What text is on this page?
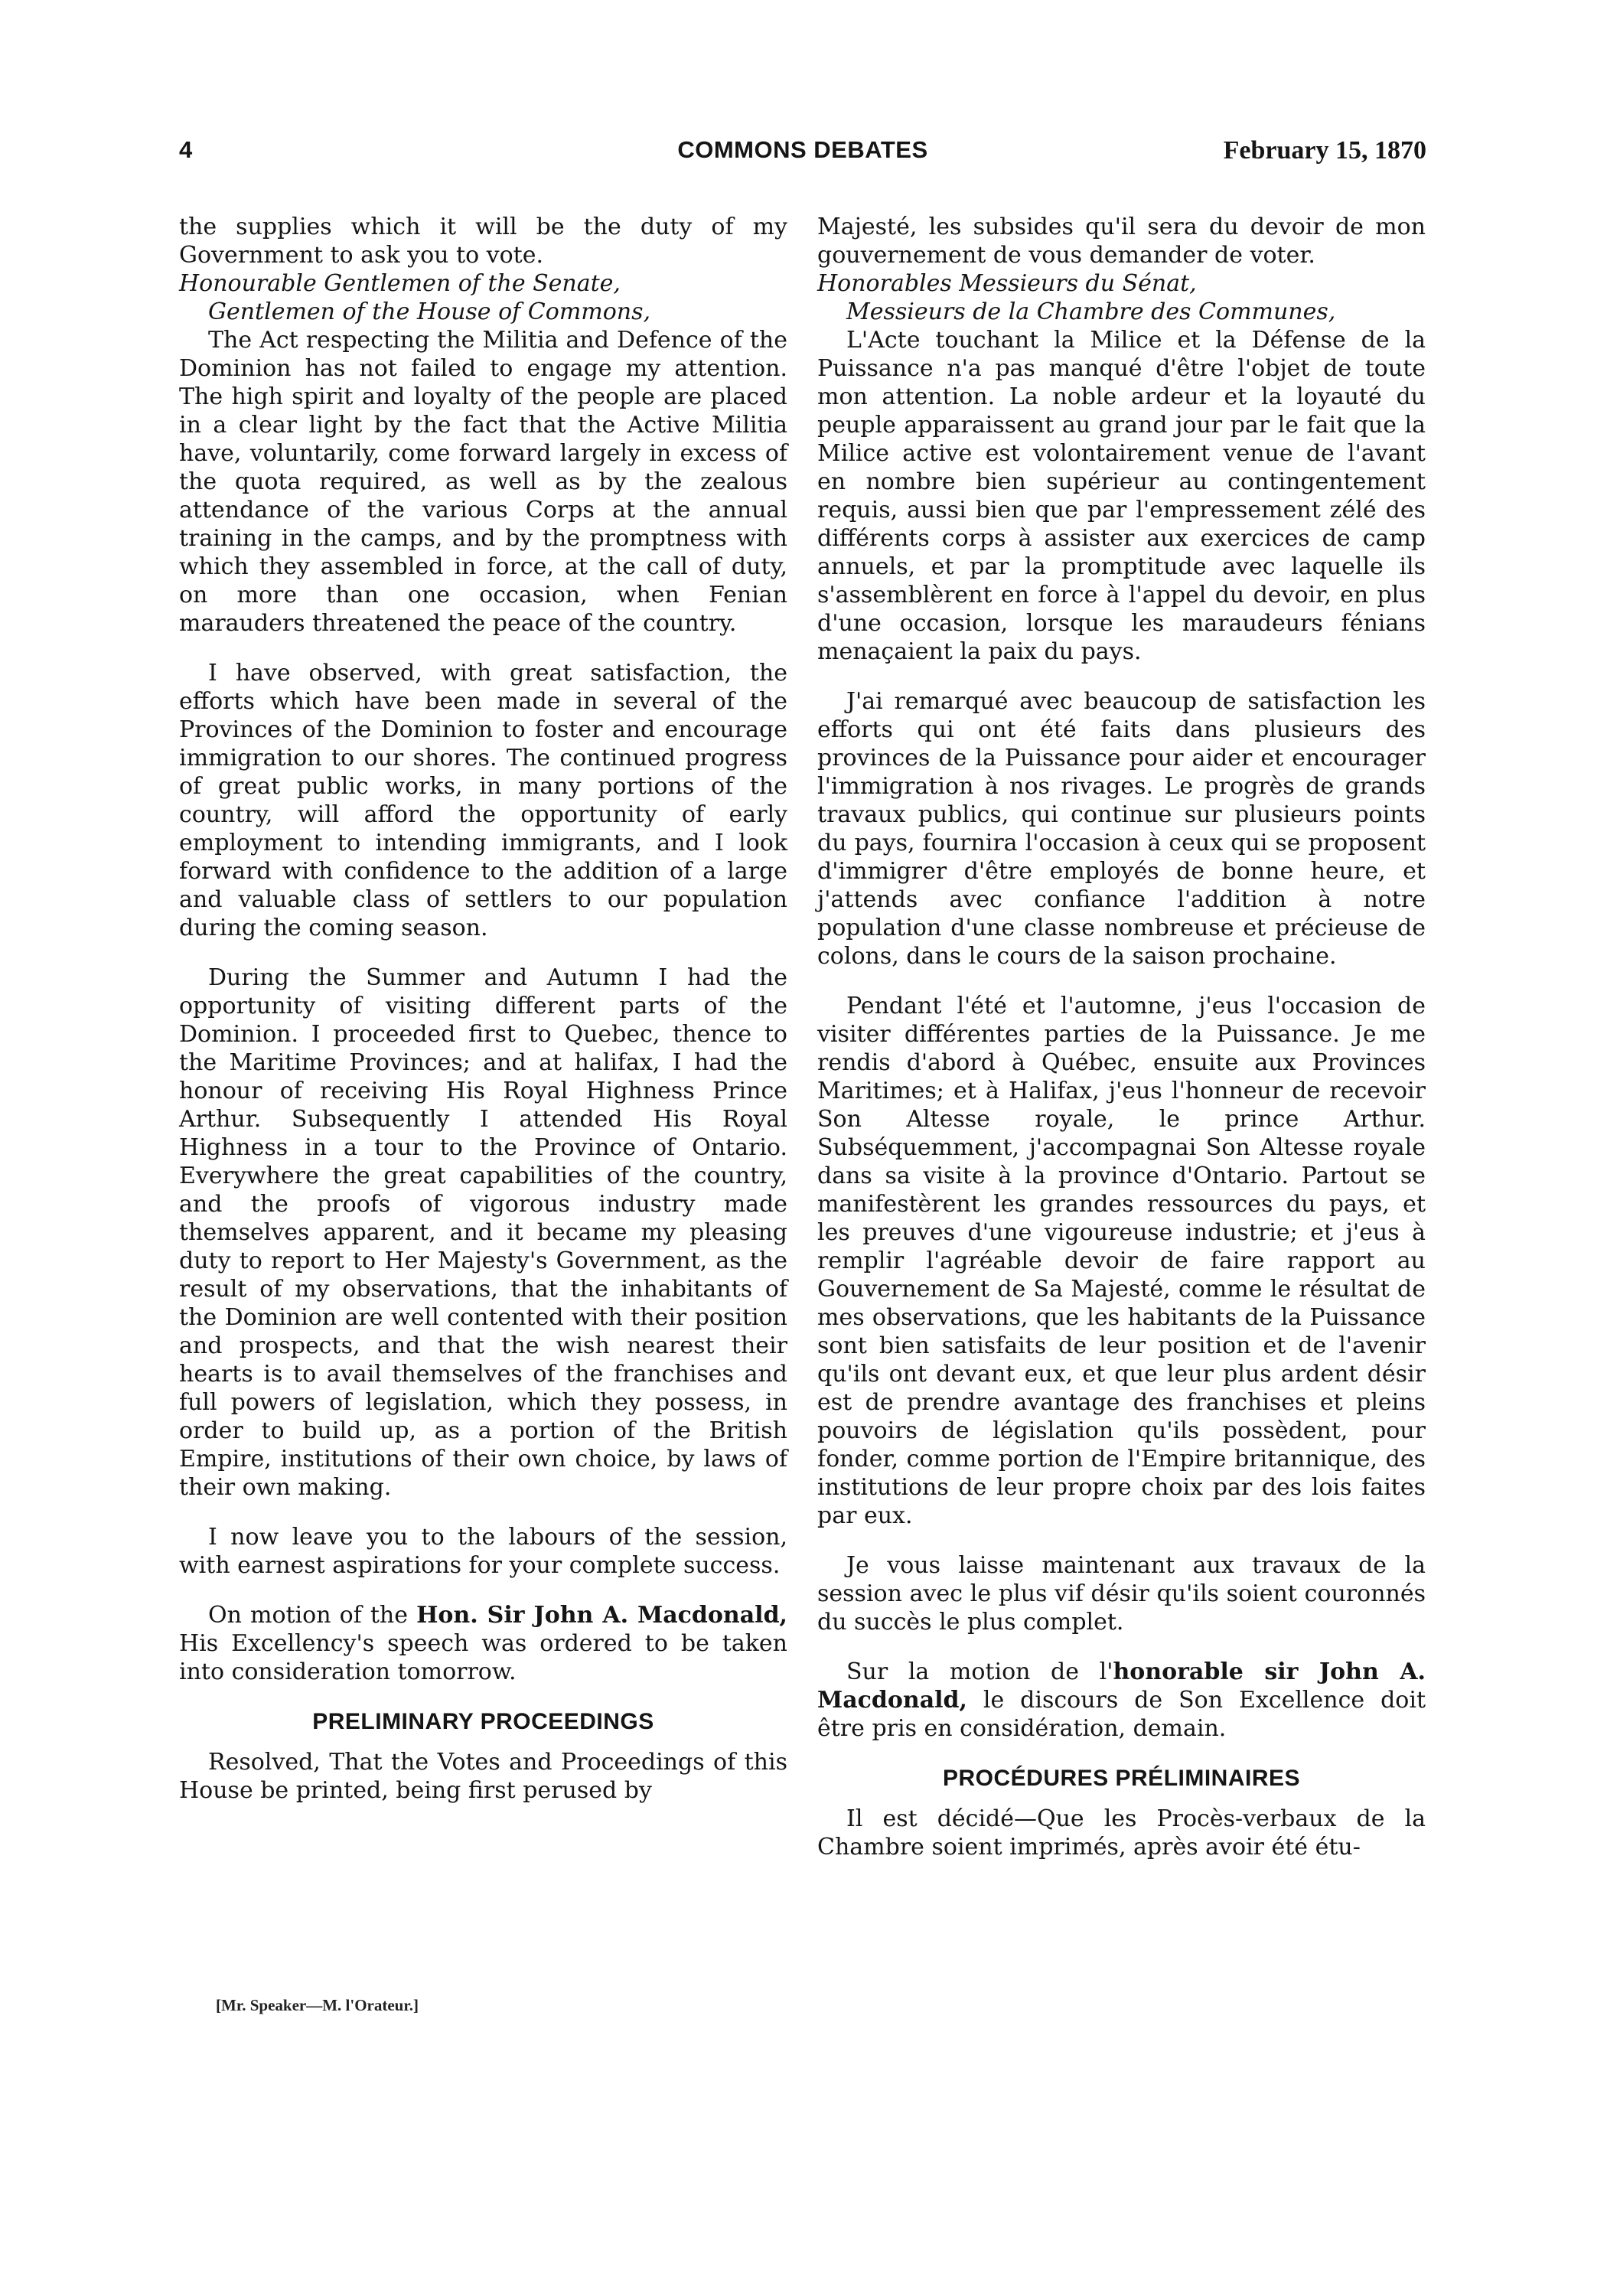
4	COMMONS DEBATES	February 15, 1870

the supplies which it will be the duty of my Government to ask you to vote.

Honourable Gentlemen of the Senate,

Gentlemen of the House of Commons,

The Act respecting the Militia and Defence of the Dominion has not failed to engage my attention. The high spirit and loyalty of the people are placed in a clear light by the fact that the Active Militia have, voluntarily, come forward largely in excess of the quota required, as well as by the zealous attendance of the various Corps at the annual training in the camps, and by the promptness with which they assembled in force, at the call of duty, on more than one occasion, when Fenian marauders threatened the peace of the country.

I have observed, with great satisfaction, the efforts which have been made in several of the Provinces of the Dominion to foster and encourage immigration to our shores. The continued progress of great public works, in many portions of the country, will afford the opportunity of early employment to intending immigrants, and I look forward with confidence to the addition of a large and valuable class of settlers to our population during the coming season.

During the Summer and Autumn I had the opportunity of visiting different parts of the Dominion. I proceeded first to Quebec, thence to the Maritime Provinces; and at halifax, I had the honour of receiving His Royal Highness Prince Arthur. Subsequently I attended His Royal Highness in a tour to the Province of Ontario. Everywhere the great capabilities of the country, and the proofs of vigorous industry made themselves apparent, and it became my pleasing duty to report to Her Majesty's Government, as the result of my observations, that the inhabitants of the Dominion are well contented with their position and prospects, and that the wish nearest their hearts is to avail themselves of the franchises and full powers of legislation, which they possess, in order to build up, as a portion of the British Empire, institutions of their own choice, by laws of their own making.

I now leave you to the labours of the session, with earnest aspirations for your complete success.

On motion of the Hon. Sir John A. Macdonald, His Excellency's speech was ordered to be taken into consideration tomorrow.

PRELIMINARY PROCEEDINGS

Resolved, That the Votes and Proceedings of this House be printed, being first perused by

Majesté, les subsides qu'il sera du devoir de mon gouvernement de vous demander de voter.

Honorables Messieurs du Sénat,

Messieurs de la Chambre des Communes,

L'Acte touchant la Milice et la Défense de la Puissance n'a pas manqué d'être l'objet de toute mon attention. La noble ardeur et la loyauté du peuple apparaissent au grand jour par le fait que la Milice active est volontairement venue de l'avant en nombre bien supérieur au contingentement requis, aussi bien que par l'empressement zélé des différents corps à assister aux exercices de camp annuels, et par la promptitude avec laquelle ils s'assemblèrent en force à l'appel du devoir, en plus d'une occasion, lorsque les maraudeurs fénians menaçaient la paix du pays.

J'ai remarqué avec beaucoup de satisfaction les efforts qui ont été faits dans plusieurs des provinces de la Puissance pour aider et encourager l'immigration à nos rivages. Le progrès de grands travaux publics, qui continue sur plusieurs points du pays, fournira l'occasion à ceux qui se proposent d'immigrer d'être employés de bonne heure, et j'attends avec confiance l'addition à notre population d'une classe nombreuse et précieuse de colons, dans le cours de la saison prochaine.

Pendant l'été et l'automne, j'eus l'occasion de visiter différentes parties de la Puissance. Je me rendis d'abord à Québec, ensuite aux Provinces Maritimes; et à Halifax, j'eus l'honneur de recevoir Son Altesse royale, le prince Arthur. Subséquemment, j'accompagnai Son Altesse royale dans sa visite à la province d'Ontario. Partout se manifestèrent les grandes ressources du pays, et les preuves d'une vigoureuse industrie; et j'eus à remplir l'agréable devoir de faire rapport au Gouvernement de Sa Majesté, comme le résultat de mes observations, que les habitants de la Puissance sont bien satisfaits de leur position et de l'avenir qu'ils ont devant eux, et que leur plus ardent désir est de prendre avantage des franchises et pleins pouvoirs de législation qu'ils possèdent, pour fonder, comme portion de l'Empire britannique, des institutions de leur propre choix par des lois faites par eux.

Je vous laisse maintenant aux travaux de la session avec le plus vif désir qu'ils soient couronnés du succès le plus complet.

Sur la motion de l'honorable sir John A. Macdonald, le discours de Son Excellence doit être pris en considération, demain.

PROCÉDURES PRÉLIMINAIRES

Il est décidé—Que les Procès-verbaux de la Chambre soient imprimés, après avoir été étu-

[Mr. Speaker—M. l'Orateur.]
